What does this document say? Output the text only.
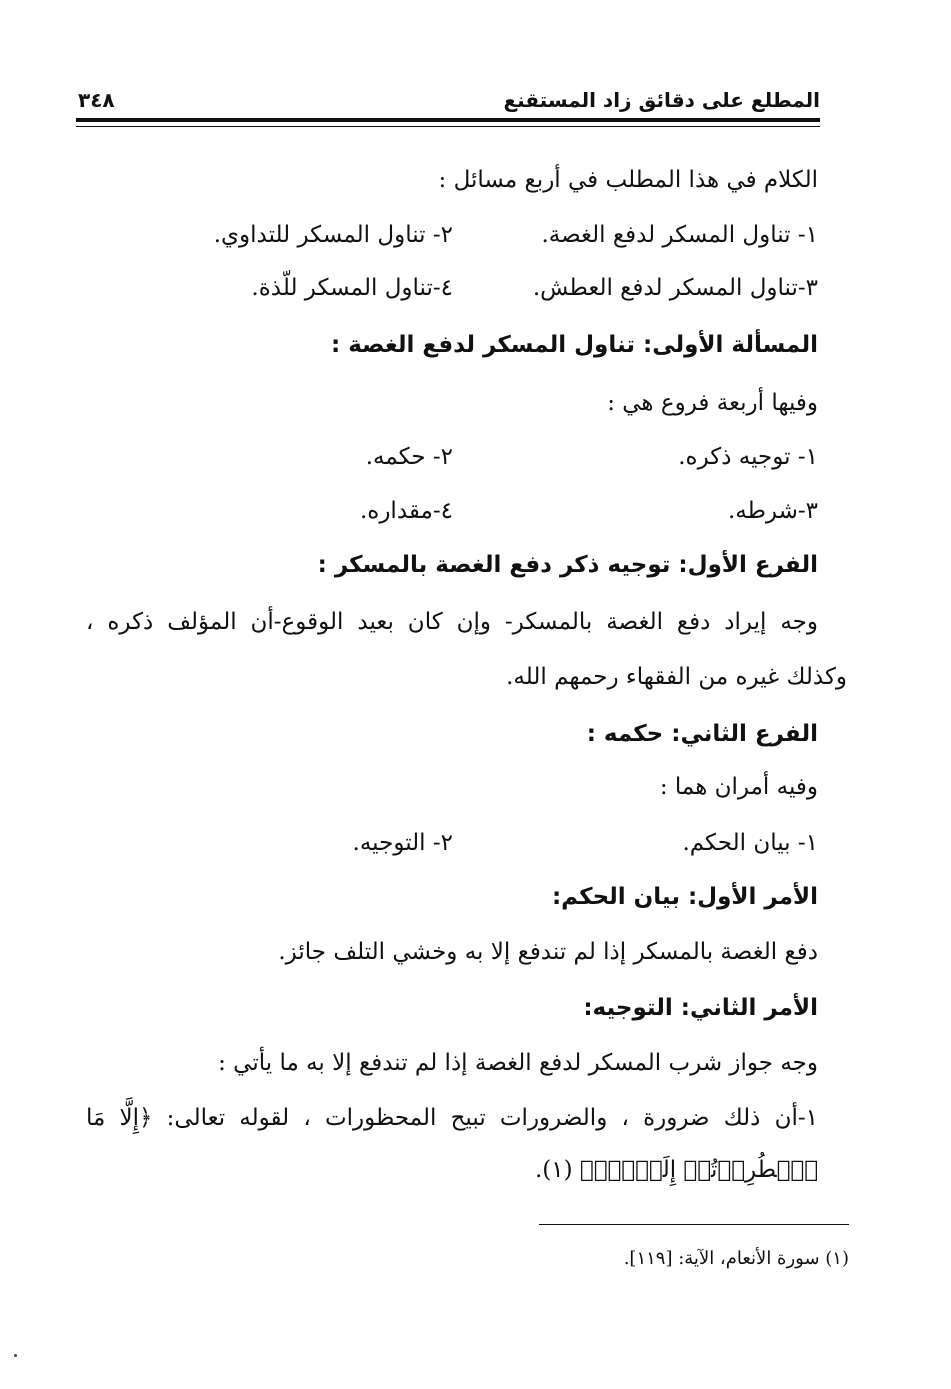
المطلع على دقائق زاد المستقنع
٣٤٨
الكلام في هذا المطلب في أربع مسائل :
١- تناول المسكر لدفع الغصة.
٢- تناول المسكر للتداوي.
٣-تناول المسكر لدفع العطش.
٤-تناول المسكر للّذة.
المسألة الأولى: تناول المسكر لدفع الغصة :
وفيها أربعة فروع هي :
١- توجيه ذكره.
٢- حكمه.
٣-شرطه.
٤-مقداره.
الفرع الأول: توجيه ذكر دفع الغصة بالمسكر :
وجه إيراد دفع الغصة بالمسكر- وإن كان بعيد الوقوع-أن المؤلف ذكره ،
وكذلك غيره من الفقهاء رحمهم الله.
الفرع الثاني: حكمه :
وفيه أمران هما :
١- بيان الحكم.
٢- التوجيه.
الأمر الأول: بيان الحكم:
دفع الغصة بالمسكر إذا لم تندفع إلا به وخشي التلف جائز.
الأمر الثاني: التوجيه:
وجه جواز شرب المسكر لدفع الغصة إذا لم تندفع إلا به ما يأتي :
١-أن ذلك ضرورة ، والضرورات تبيح المحظورات ، لقوله تعالى: ﴿إِلَّا مَا
ٱضۡطُرِرۡتُمۡ إِلَيۡهِۗ﴾ (١).
(١) سورة الأنعام، الآية: [١١٩].
